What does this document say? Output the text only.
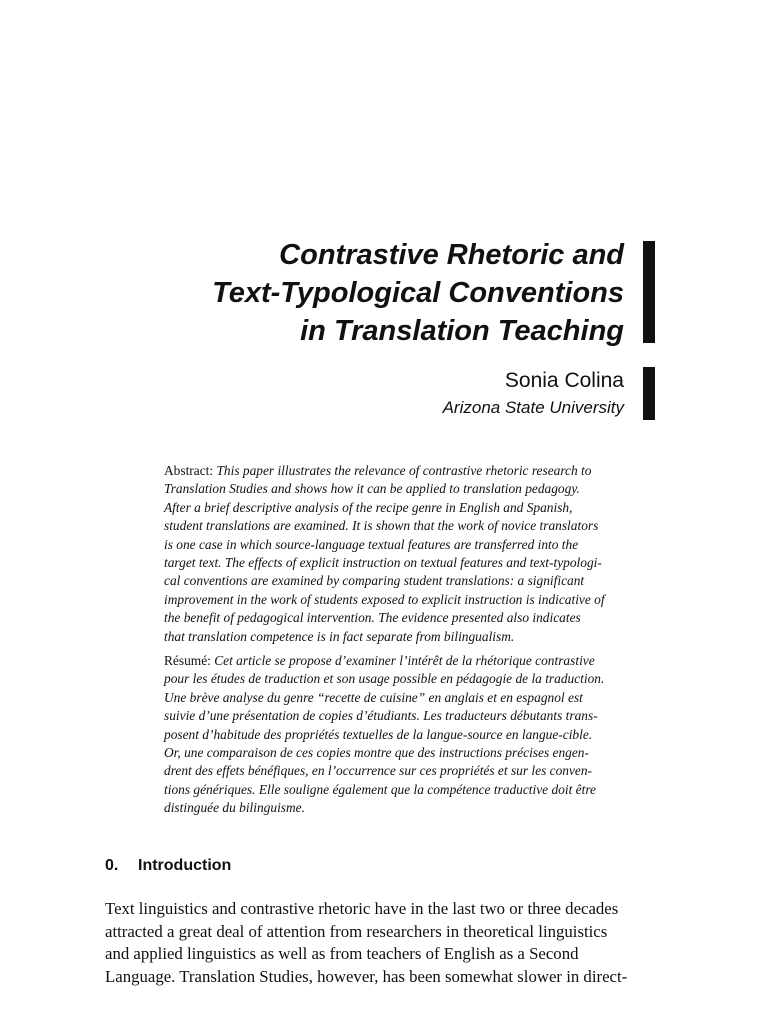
Contrastive Rhetoric and
Text-Typological Conventions
in Translation Teaching
Sonia Colina
Arizona State University
Abstract: This paper illustrates the relevance of contrastive rhetoric research to
Translation Studies and shows how it can be applied to translation pedagogy.
After a brief descriptive analysis of the recipe genre in English and Spanish,
student translations are examined. It is shown that the work of novice translators
is one case in which source-language textual features are transferred into the
target text. The effects of explicit instruction on textual features and text-typologi-
cal conventions are examined by comparing student translations: a significant
improvement in the work of students exposed to explicit instruction is indicative of
the benefit of pedagogical intervention. The evidence presented also indicates
that translation competence is in fact separate from bilingualism.
Résumé: Cet article se propose d’examiner l’intérêt de la rhétorique contrastive
pour les études de traduction et son usage possible en pédagogie de la traduction.
Une brève analyse du genre “recette de cuisine” en anglais et en espagnol est
suivie d’une présentation de copies d’étudiants. Les traducteurs débutants trans-
posent d’habitude des propriétés textuelles de la langue-source en langue-cible.
Or, une comparaison de ces copies montre que des instructions précises engen-
drent des effets bénéfiques, en l’occurrence sur ces propriétés et sur les conven-
tions génériques. Elle souligne également que la compétence traductive doit être
distinguée du bilinguisme.
0. Introduction
Text linguistics and contrastive rhetoric have in the last two or three decades
attracted a great deal of attention from researchers in theoretical linguistics
and applied linguistics as well as from teachers of English as a Second
Language. Translation Studies, however, has been somewhat slower in direct-
